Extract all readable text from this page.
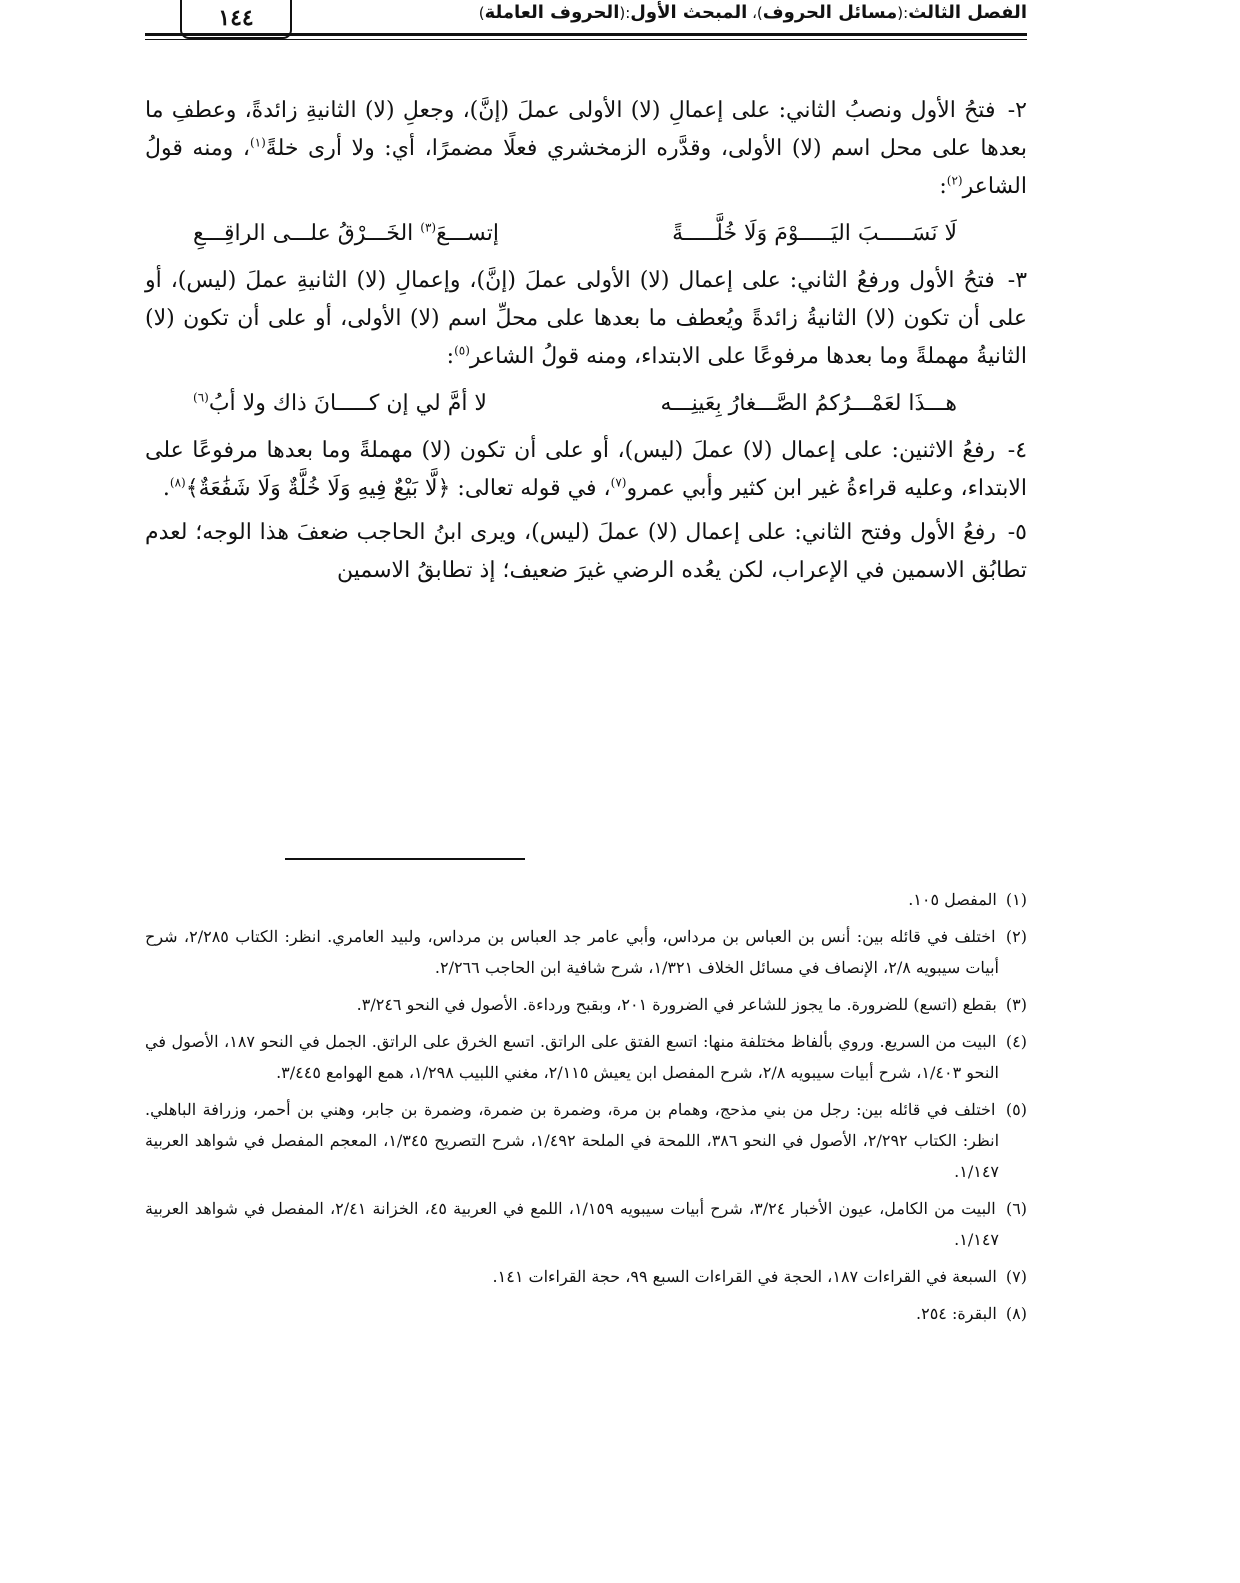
الفصل الثالث:(مسائل الحروف)، المبحث الأول:(الحروف العاملة)
١٤٤

٢- فتحُ الأول ونصبُ الثاني: على إعمالِ (لا) الأولى عملَ (إنَّ)، وجعلِ (لا) الثانيةِ زائدةً، وعطفِ ما بعدها على محل اسم (لا) الأولى، وقدَّره الزمخشري فعلًا مضمرًا، أي: ولا أرى خلةً$^{(١)}$، ومنه قولُ الشاعر$^{(٢)}$:

لَا نَسَـــــبَ اليَـــــوْمَ وَلَا خُلَّـــــةً
إتســـعَ$^{(٣)}$ الخَـــرْقُ علـــى الراقِـــعِ

٣- فتحُ الأول ورفعُ الثاني: على إعمال (لا) الأولى عملَ (إنَّ)، وإعمالِ (لا) الثانيةِ عملَ (ليس)، أو على أن تكون (لا) الثانيةُ زائدةً ويُعطف ما بعدها على محلِّ اسم (لا) الأولى، أو على أن تكون (لا) الثانيةُ مهملةً وما بعدها مرفوعًا على الابتداء، ومنه قولُ الشاعر$^{(٥)}$:

هـــذَا لعَمْـــرُكمُ الصَّـــغارُ بِعَينِـــه
لا أمَّ لي إن كـــــانَ ذاك ولا أبُ$^{(٦)}$

٤- رفعُ الاثنين: على إعمال (لا) عملَ (ليس)، أو على أن تكون (لا) مهملةً وما بعدها مرفوعًا على الابتداء، وعليه قراءةُ غير ابن كثير وأبي عمرو$^{(٧)}$، في قوله تعالى: ﴿لَّا بَيْعٌ فِيهِ وَلَا خُلَّةٌ وَلَا شَفَٰعَةٌ﴾$^{(٨)}$.

٥- رفعُ الأول وفتح الثاني: على إعمال (لا) عملَ (ليس)، ويرى ابنُ الحاجب ضعفَ هذا الوجه؛ لعدم تطابُق الاسمين في الإعراب، لكن يعُده الرضي غيرَ ضعيف؛ إذ تطابقُ الاسمين

(١) المفصل ١٠٥.

(٢) اختلف في قائله بين: أنس بن العباس بن مرداس، وأبي عامر جد العباس بن مرداس، ولبيد العامري. انظر: الكتاب ٢/٢٨٥، شرح أبيات سيبويه ٢/٨، الإنصاف في مسائل الخلاف ١/٣٢١، شرح شافية ابن الحاجب ٢/٢٦٦.

(٣) بقطع (اتسع) للضرورة. ما يجوز للشاعر في الضرورة ٢٠١، وبقبح ورداءة. الأصول في النحو ٣/٢٤٦.

(٤) البيت من السريع. وروي بألفاظ مختلفة منها: اتسع الفتق على الراتق. اتسع الخرق على الراتق. الجمل في النحو ١٨٧، الأصول في النحو ١/٤٠٣، شرح أبيات سيبويه ٢/٨، شرح المفصل ابن يعيش ٢/١١٥، مغني اللبيب ١/٢٩٨، همع الهوامع ٣/٤٤٥.

(٥) اختلف في قائله بين: رجل من بني مذحج، وهمام بن مرة، وضمرة بن ضمرة، وضمرة بن جابر، وهني بن أحمر، وزرافة الباهلي. انظر: الكتاب ٢/٢٩٢، الأصول في النحو ٣٨٦، اللمحة في الملحة ١/٤٩٢، شرح التصريح ١/٣٤٥، المعجم المفصل في شواهد العربية ١/١٤٧.

(٦) البيت من الكامل، عيون الأخبار ٣/٢٤، شرح أبيات سيبويه ١/١٥٩، اللمع في العربية ٤٥، الخزانة ٢/٤١، المفصل في شواهد العربية ١/١٤٧.

(٧) السبعة في القراءات ١٨٧، الحجة في القراءات السبع ٩٩، حجة القراءات ١٤١.

(٨) البقرة: ٢٥٤.
